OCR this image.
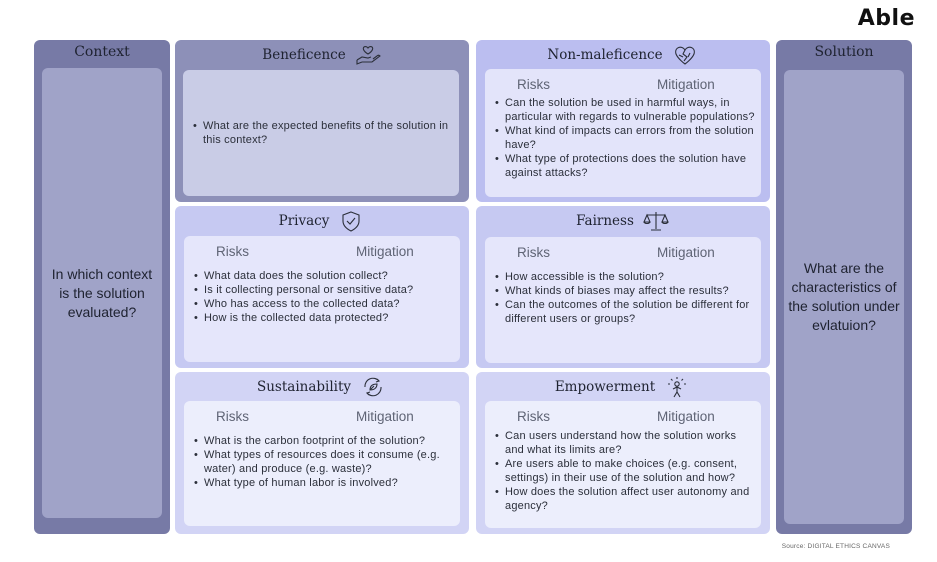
Able
Context
In which context is the solution evaluated?
Beneficence
• What are the expected benefits of the solution in this context?
Non-maleficence
Risks	Mitigation
• Can the solution be used in harmful ways, in particular with regards to vulnerable populations?
• What kind of impacts can errors from the solution have?
• What type of protections does the solution have against attacks?
Privacy
Risks	Mitigation
• What data does the solution collect?
• Is it collecting personal or sensitive data?
• Who has access to the collected data?
• How is the collected data protected?
Fairness
Risks	Mitigation
• How accessible is the solution?
• What kinds of biases may affect the results?
• Can the outcomes of the solution be different for different users or groups?
Sustainability
Risks	Mitigation
• What is the carbon footprint of the solution?
• What types of resources does it consume (e.g. water) and produce (e.g. waste)?
• What type of human labor is involved?
Empowerment
Risks	Mitigation
• Can users understand how the solution works and what its limits are?
• Are users able to make choices (e.g. consent, settings) in their use of the solution and how?
• How does the solution affect user autonomy and agency?
Solution
What are the characteristics of the solution under evlatuion?
Source: DIGITAL ETHICS CANVAS
